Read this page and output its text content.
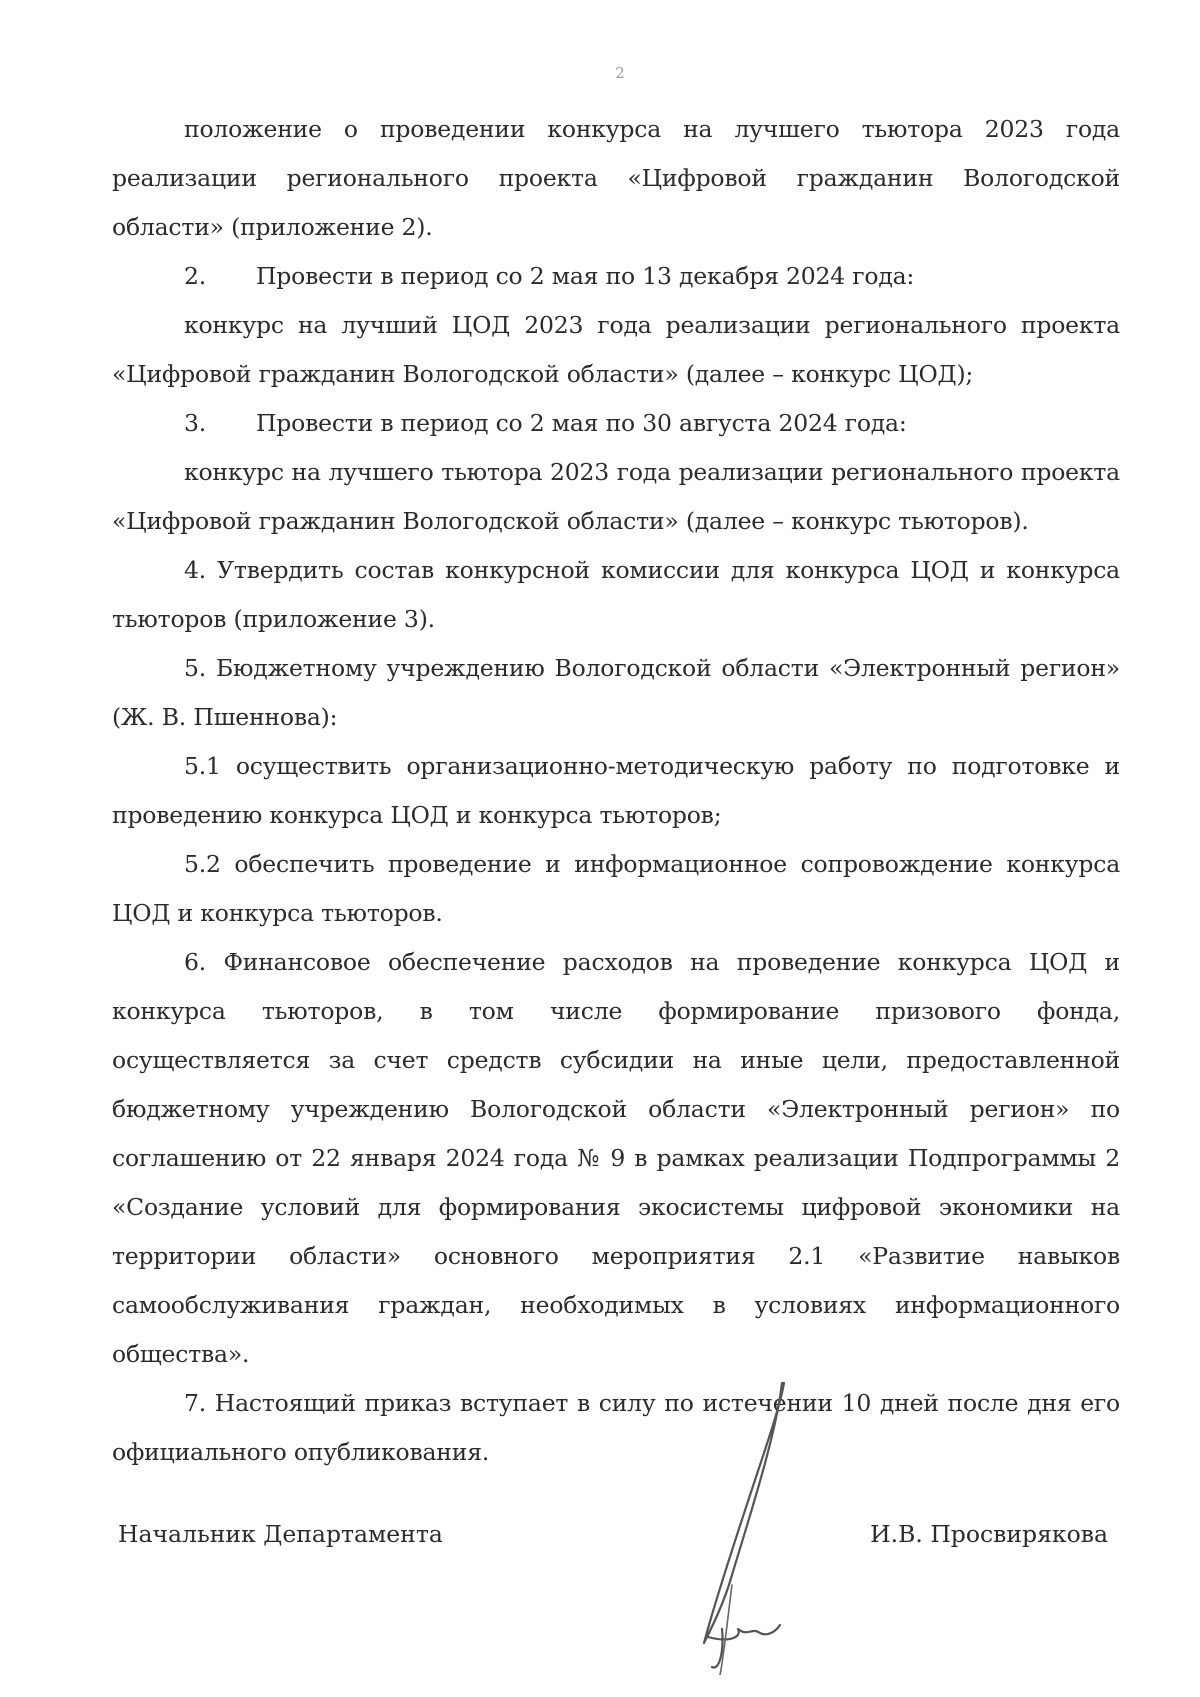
2

положение о проведении конкурса на лучшего тьютора 2023 года реализации регионального проекта «Цифровой гражданин Вологодской области» (приложение 2).

2.	Провести в период со 2 мая по 13 декабря 2024 года:

конкурс на лучший ЦОД 2023 года реализации регионального проекта «Цифровой гражданин Вологодской области» (далее – конкурс ЦОД);

3.	Провести в период со 2 мая по 30 августа 2024 года:

конкурс на лучшего тьютора 2023 года реализации регионального проекта «Цифровой гражданин Вологодской области» (далее – конкурс тьюторов).

4. Утвердить состав конкурсной комиссии для конкурса ЦОД и конкурса тьюторов (приложение 3).

5. Бюджетному учреждению Вологодской области «Электронный регион» (Ж. В. Пшеннова):

5.1 осуществить организационно-методическую работу по подготовке и проведению конкурса ЦОД и конкурса тьюторов;

5.2 обеспечить проведение и информационное сопровождение конкурса ЦОД и конкурса тьюторов.

6. Финансовое обеспечение расходов на проведение конкурса ЦОД и конкурса тьюторов, в том числе формирование призового фонда, осуществляется за счет средств субсидии на иные цели, предоставленной бюджетному учреждению Вологодской области «Электронный регион» по соглашению от 22 января 2024 года № 9 в рамках реализации Подпрограммы 2 «Создание условий для формирования экосистемы цифровой экономики на территории области» основного мероприятия 2.1 «Развитие навыков самообслуживания граждан, необходимых в условиях информационного общества».

7. Настоящий приказ вступает в силу по истечении 10 дней после дня его официального опубликования.

Начальник Департамента	И.В. Просвирякова
